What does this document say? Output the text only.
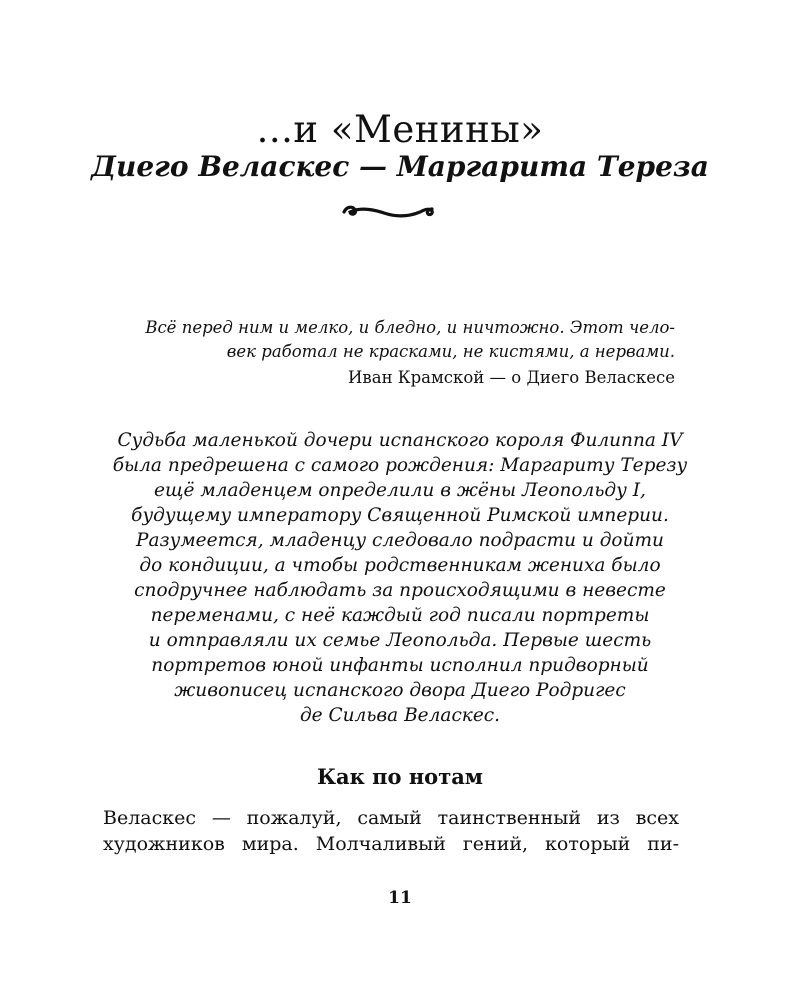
...и «Менины»
Диего Веласкес — Маргарита Тереза
Всё перед ним и мелко, и бледно, и ничтожно. Этот чело-
век работал не красками, не кистями, а нервами.
Иван Крамской — о Диего Веласкесе
Судьба маленькой дочери испанского короля Филиппа IV
была предрешена с самого рождения: Маргариту Терезу
ещё младенцем определили в жёны Леопольду I,
будущему императору Священной Римской империи.
Разумеется, младенцу следовало подрасти и дойти
до кондиции, а чтобы родственникам жениха было
сподручнее наблюдать за происходящими в невесте
переменами, с неё каждый год писали портреты
и отправляли их семье Леопольда. Первые шесть
портретов юной инфанты исполнил придворный
живописец испанского двора Диего Родригес
де Сильва Веласкес.
Как по нотам
Веласкес — пожалуй, самый таинственный из всех
художников мира. Молчаливый гений, который пи-
11
